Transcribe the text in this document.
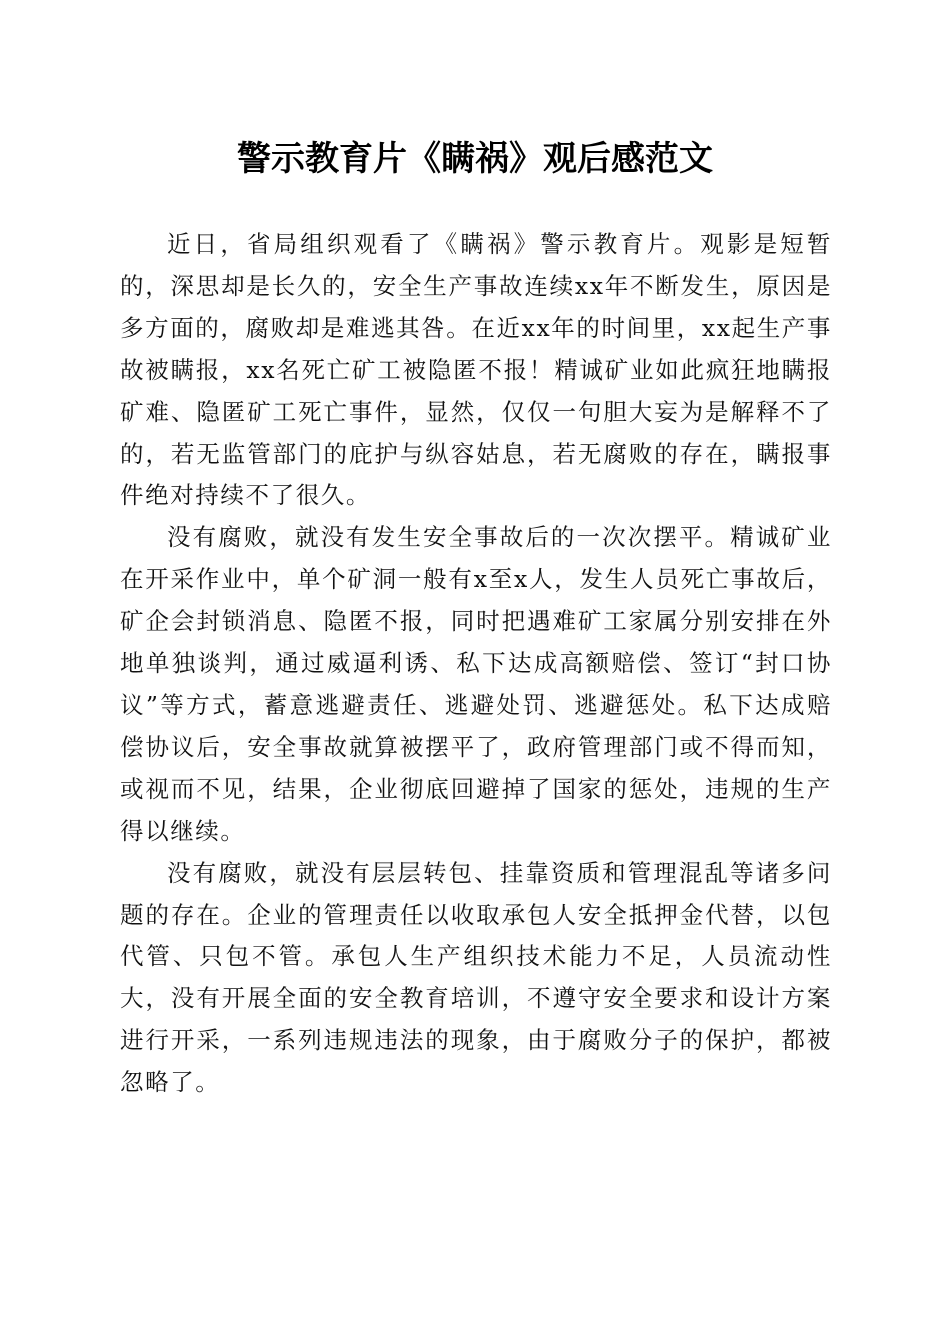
警示教育片《瞒祸》观后感范文

近日，省局组织观看了《瞒祸》警示教育片。观影是短暂的，深思却是长久的，安全生产事故连续xx年不断发生，原因是多方面的，腐败却是难逃其咎。在近xx年的时间里，xx起生产事故被瞒报，xx名死亡矿工被隐匿不报！精诚矿业如此疯狂地瞒报矿难、隐匿矿工死亡事件，显然，仅仅一句胆大妄为是解释不了的，若无监管部门的庇护与纵容姑息，若无腐败的存在，瞒报事件绝对持续不了很久。

没有腐败，就没有发生安全事故后的一次次摆平。精诚矿业在开采作业中，单个矿洞一般有x至x人，发生人员死亡事故后，矿企会封锁消息、隐匿不报，同时把遇难矿工家属分别安排在外地单独谈判，通过威逼利诱、私下达成高额赔偿、签订“封口协议”等方式，蓄意逃避责任、逃避处罚、逃避惩处。私下达成赔偿协议后，安全事故就算被摆平了，政府管理部门或不得而知，或视而不见，结果，企业彻底回避掉了国家的惩处，违规的生产得以继续。

没有腐败，就没有层层转包、挂靠资质和管理混乱等诸多问题的存在。企业的管理责任以收取承包人安全抵押金代替，以包代管、只包不管。承包人生产组织技术能力不足，人员流动性大，没有开展全面的安全教育培训，不遵守安全要求和设计方案进行开采，一系列违规违法的现象，由于腐败分子的保护，都被忽略了。
